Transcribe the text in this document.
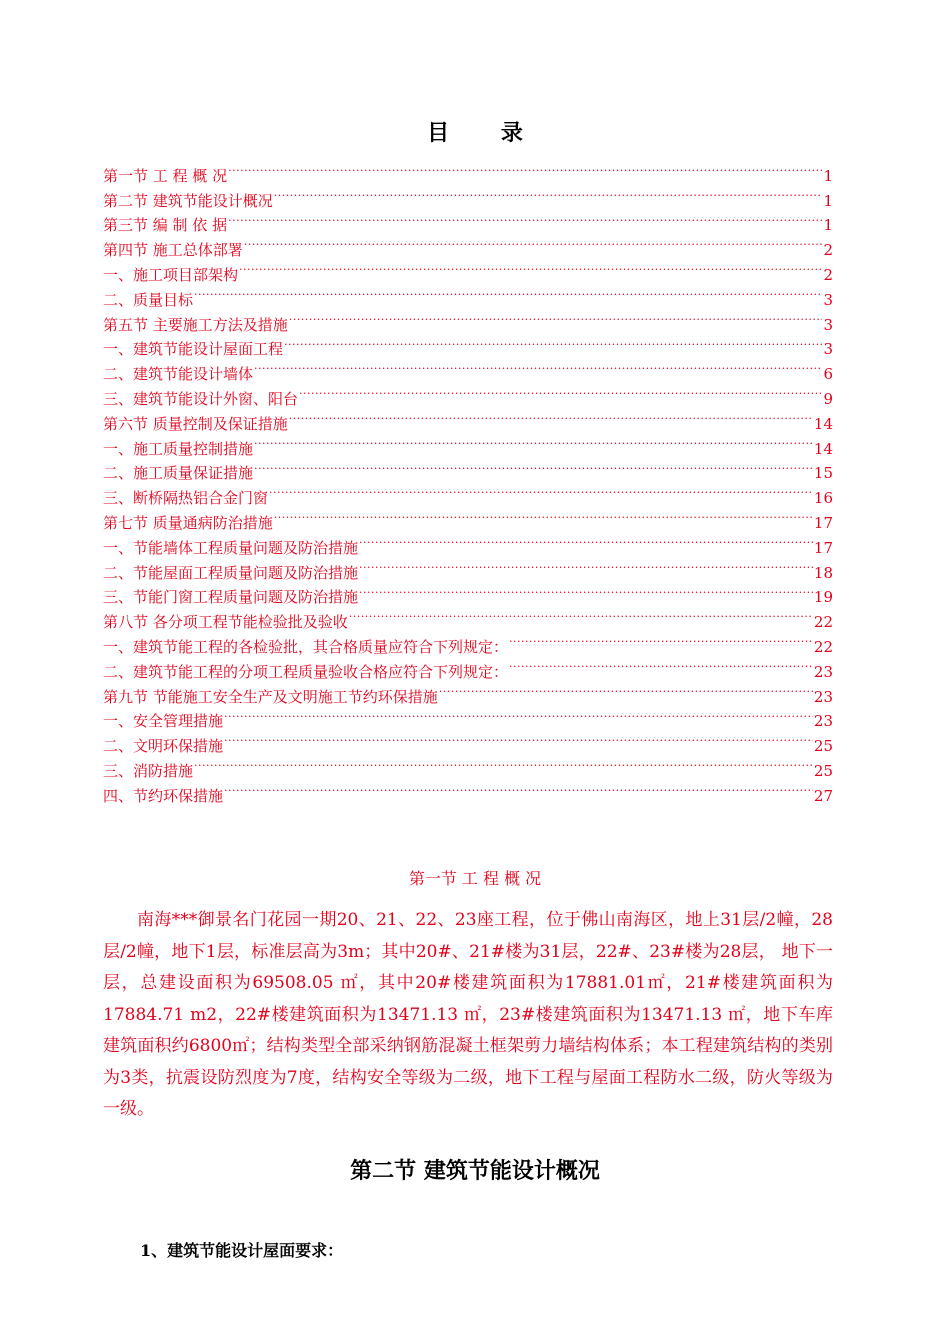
目 录
第一节 工 程 概 况 .....	1
第二节 建筑节能设计概况 .....	1
第三节 编 制 依 据 .....	1
第四节 施工总体部署 .....	2
一、施工项目部架构 .....	2
二、质量目标 .....	3
第五节 主要施工方法及措施 .....	3
一、建筑节能设计屋面工程 .....	3
二、建筑节能设计墙体 .....	6
三、建筑节能设计外窗、阳台 .....	9
第六节 质量控制及保证措施 .....	14
一、施工质量控制措施 .....	14
二、施工质量保证措施 .....	15
三、断桥隔热铝合金门窗 .....	16
第七节 质量通病防治措施 .....	17
一、节能墙体工程质量问题及防治措施 .....	17
二、节能屋面工程质量问题及防治措施 .....	18
三、节能门窗工程质量问题及防治措施 .....	19
第八节 各分项工程节能检验批及验收 .....	22
一、建筑节能工程的各检验批，其合格质量应符合下列规定： .....	22
二、建筑节能工程的分项工程质量验收合格应符合下列规定： .....	23
第九节 节能施工安全生产及文明施工节约环保措施 .....	23
一、安全管理措施 .....	23
二、文明环保措施 .....	25
三、消防措施 .....	25
四、节约环保措施 .....	27
第一节 工 程 概 况

南海***御景名门花园一期20、21、22、23座工程，位于佛山南海区，地上31层/2幢，28层/2幢，地下1层，标准层高为3m；其中20#、21#楼为31层，22#、23#楼为28层， 地下一层，总建设面积为69508.05 ㎡，其中20#楼建筑面积为17881.01㎡，21#楼建筑面积为17884.71 m2，22#楼建筑面积为13471.13 ㎡，23#楼建筑面积为13471.13 ㎡，地下车库建筑面积约6800㎡；结构类型全部采纳钢筋混凝土框架剪力墙结构体系；本工程建筑结构的类别为3类，抗震设防烈度为7度，结构安全等级为二级，地下工程与屋面工程防水二级，防火等级为一级。

第二节 建筑节能设计概况
1、建筑节能设计屋面要求：
